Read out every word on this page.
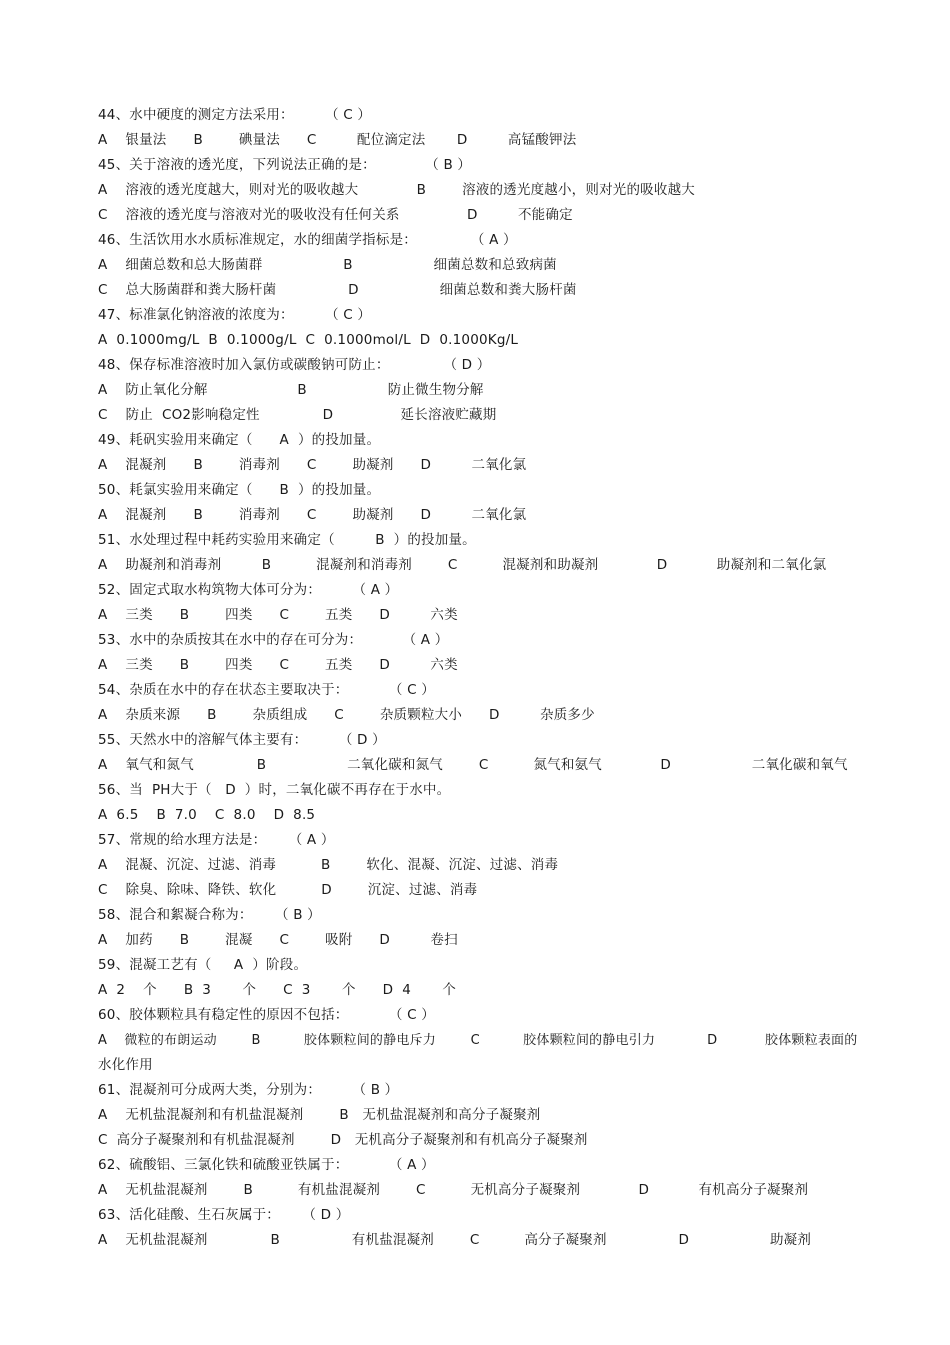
44、水中硬度的测定方法采用：       （ C ）
A    银量法      B        碘量法      C         配位滴定法       D         高锰酸钾法
45、关于溶液的透光度，下列说法正确的是：           （ B ）
A    溶液的透光度越大，则对光的吸收越大             B        溶液的透光度越小，则对光的吸收越大
C    溶液的透光度与溶液对光的吸收没有任何关系               D         不能确定
46、生活饮用水水质标准规定，水的细菌学指标是：            （ A ）
A    细菌总数和总大肠菌群                  B                  细菌总数和总致病菌
C    总大肠菌群和粪大肠杆菌                D                  细菌总数和粪大肠杆菌
47、标准氯化钠溶液的浓度为：       （ C ）
A  0.1000mg/L  B  0.1000g/L  C  0.1000mol/L  D  0.1000Kg/L
48、保存标准溶液时加入氯仿或碳酸钠可防止：            （ D ）
A    防止氧化分解                    B                  防止微生物分解
C    防止  CO2影响稳定性              D               延长溶液贮藏期
49、耗矾实验用来确定（      A  ）的投加量。
A    混凝剂      B        消毒剂      C        助凝剂      D         二氧化氯
50、耗氯实验用来确定（      B  ）的投加量。
A    混凝剂      B        消毒剂      C        助凝剂      D         二氧化氯
51、水处理过程中耗药实验用来确定（         B  ）的投加量。
A    助凝剂和消毒剂         B          混凝剂和消毒剂        C          混凝剂和助凝剂             D           助凝剂和二氧化氯
52、固定式取水构筑物大体可分为：       （ A ）
A    三类      B        四类      C        五类      D         六类
53、水中的杂质按其在水中的存在可分为：         （ A ）
A    三类      B        四类      C        五类      D         六类
54、杂质在水中的存在状态主要取决于：         （ C ）
A    杂质来源      B        杂质组成      C        杂质颗粒大小      D         杂质多少
55、天然水中的溶解气体主要有：       （ D ）
A    氧气和氮气              B                  二氧化碳和氮气        C          氮气和氨气             D                  二氧化碳和氧气
56、当  PH大于（   D  ）时，二氧化碳不再存在于水中。
A  6.5    B  7.0    C  8.0    D  8.5
57、常规的给水理方法是：     （ A ）
A    混凝、沉淀、过滤、消毒          B        软化、混凝、沉淀、过滤、消毒
C    除臭、除味、降铁、软化          D        沉淀、过滤、消毒
58、混合和絮凝合称为：     （ B ）
A    加药      B        混凝      C        吸附      D         卷扫
59、混凝工艺有（     A  ）阶段。
A  2    个      B  3       个      C  3       个      D  4       个
60、胶体颗粒具有稳定性的原因不包括：         （ C ）
A    微粒的布朗运动        B          胶体颗粒间的静电斥力        C          胶体颗粒间的静电引力            D           胶体颗粒表面的
水化作用
61、混凝剂可分成两大类，分别为：       （ B ）
A    无机盐混凝剂和有机盐混凝剂        B   无机盐混凝剂和高分子凝聚剂
C  高分子凝聚剂和有机盐混凝剂        D   无机高分子凝聚剂和有机高分子凝聚剂
62、硫酸铝、三氯化铁和硫酸亚铁属于：         （ A ）
A    无机盐混凝剂        B          有机盐混凝剂        C          无机高分子凝聚剂             D           有机高分子凝聚剂
63、活化硅酸、生石灰属于：     （ D ）
A    无机盐混凝剂              B                有机盐混凝剂        C          高分子凝聚剂                D                  助凝剂
